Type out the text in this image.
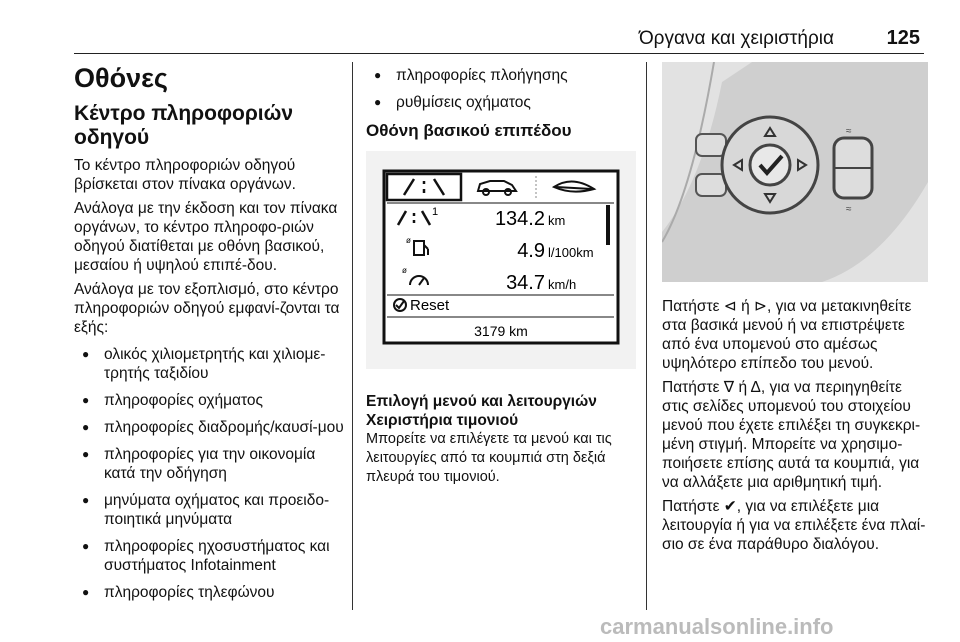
Όργανα και χειριστήρια	125
Οθόνες
Κέντρο πληροφοριών οδηγού

Το κέντρο πληροφοριών οδηγού βρίσκεται στον πίνακα οργάνων.

Ανάλογα με την έκδοση και τον πίνακα οργάνων, το κέντρο πληροφο-ριών οδηγού διατίθεται με οθόνη βασικού, μεσαίου ή υψηλού επιπέ-δου.

Ανάλογα με τον εξοπλισμό, στο κέντρο πληροφοριών οδηγού εμφανί-ζονται τα εξής:

● ολικός χιλιομετρητής και χιλιομε-τρητής ταξιδίου
● πληροφορίες οχήματος
● πληροφορίες διαδρομής/καυσί-μου
● πληροφορίες για την οικονομία κατά την οδήγηση
● μηνύματα οχήματος και προειδο-ποιητικά μηνύματα
● πληροφορίες ηχοσυστήματος και συστήματος Infotainment
● πληροφορίες τηλεφώνου
● πληροφορίες πλοήγησης
● ρυθμίσεις οχήματος
Οθόνη βασικού επιπέδου
1	134.2 km
ø	4.9 l/100km
ø
34.7 km/h
Reset
3179 km
Επιλογή μενού και λειτουργιών
Χειριστήρια τιμονιού

Μπορείτε να επιλέγετε τα μενού και τις λειτουργίες από τα κουμπιά στη δεξιά πλευρά του τιμονιού.

≈
≈

Πατήστε ⊲ ή ⊳, για να μετακινηθείτε στα βασικά μενού ή να επιστρέψετε από ένα υπομενού στο αμέσως υψηλότερο επίπεδο του μενού.

Πατήστε ∇ ή Δ, για να περιηγηθείτε στις σελίδες υπομενού του στοιχείου μενού που έχετε επιλέξει τη συγκεκρι-μένη στιγμή. Μπορείτε να χρησιμο-ποιήσετε επίσης αυτά τα κουμπιά, για να αλλάξετε μια αριθμητική τιμή.

Πατήστε ✔, για να επιλέξετε μια λειτουργία ή για να επιλέξετε ένα πλαί-σιο σε ένα παράθυρο διαλόγου.

carmanualsonline.info
